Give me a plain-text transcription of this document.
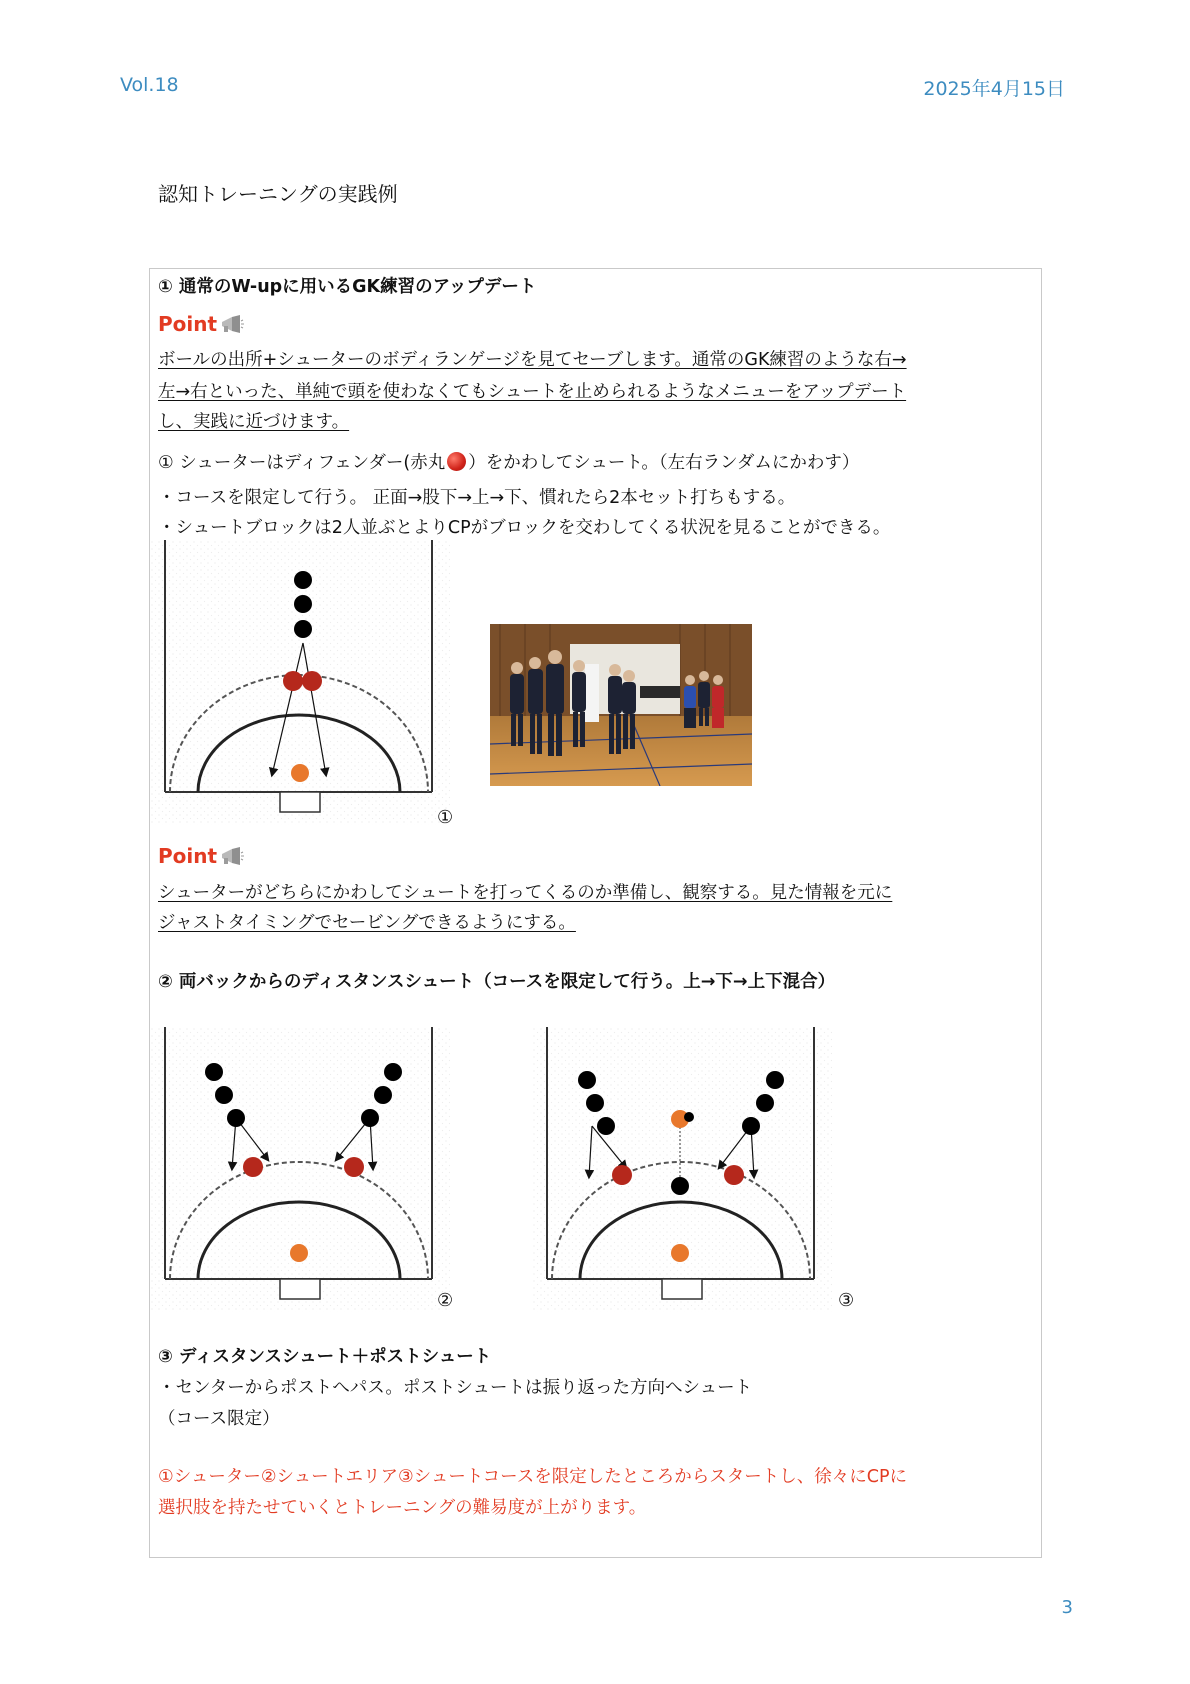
Vol.18	2025年4月15日
認知トレーニングの実践例
① 通常のW-upに用いるGK練習のアップデート
Point
ボールの出所+シューターのボディランゲージを見てセーブします。通常のGK練習のような右→
左→右といった、単純で頭を使わなくてもシュートを止められるようなメニューをアップデート
し、実践に近づけます。
① シューターはディフェンダー(赤丸 ）をかわしてシュート。（左右ランダムにかわす）
・コースを限定して行う。 正面→股下→上→下、慣れたら2本セット打ちもする。
・シュートブロックは2人並ぶとよりCPがブロックを交わしてくる状況を見ることができる。
①
Point
シューターがどちらにかわしてシュートを打ってくるのか準備し、観察する。見た情報を元に
ジャストタイミングでセービングできるようにする。
② 両バックからのディスタンスシュート（コースを限定して行う。上→下→上下混合）
②	③
③ ディスタンスシュート＋ポストシュート
・センターからポストへパス。ポストシュートは振り返った方向へシュート
（コース限定）
①シューター②シュートエリア③シュートコースを限定したところからスタートし、徐々にCPに
選択肢を持たせていくとトレーニングの難易度が上がります。
3
